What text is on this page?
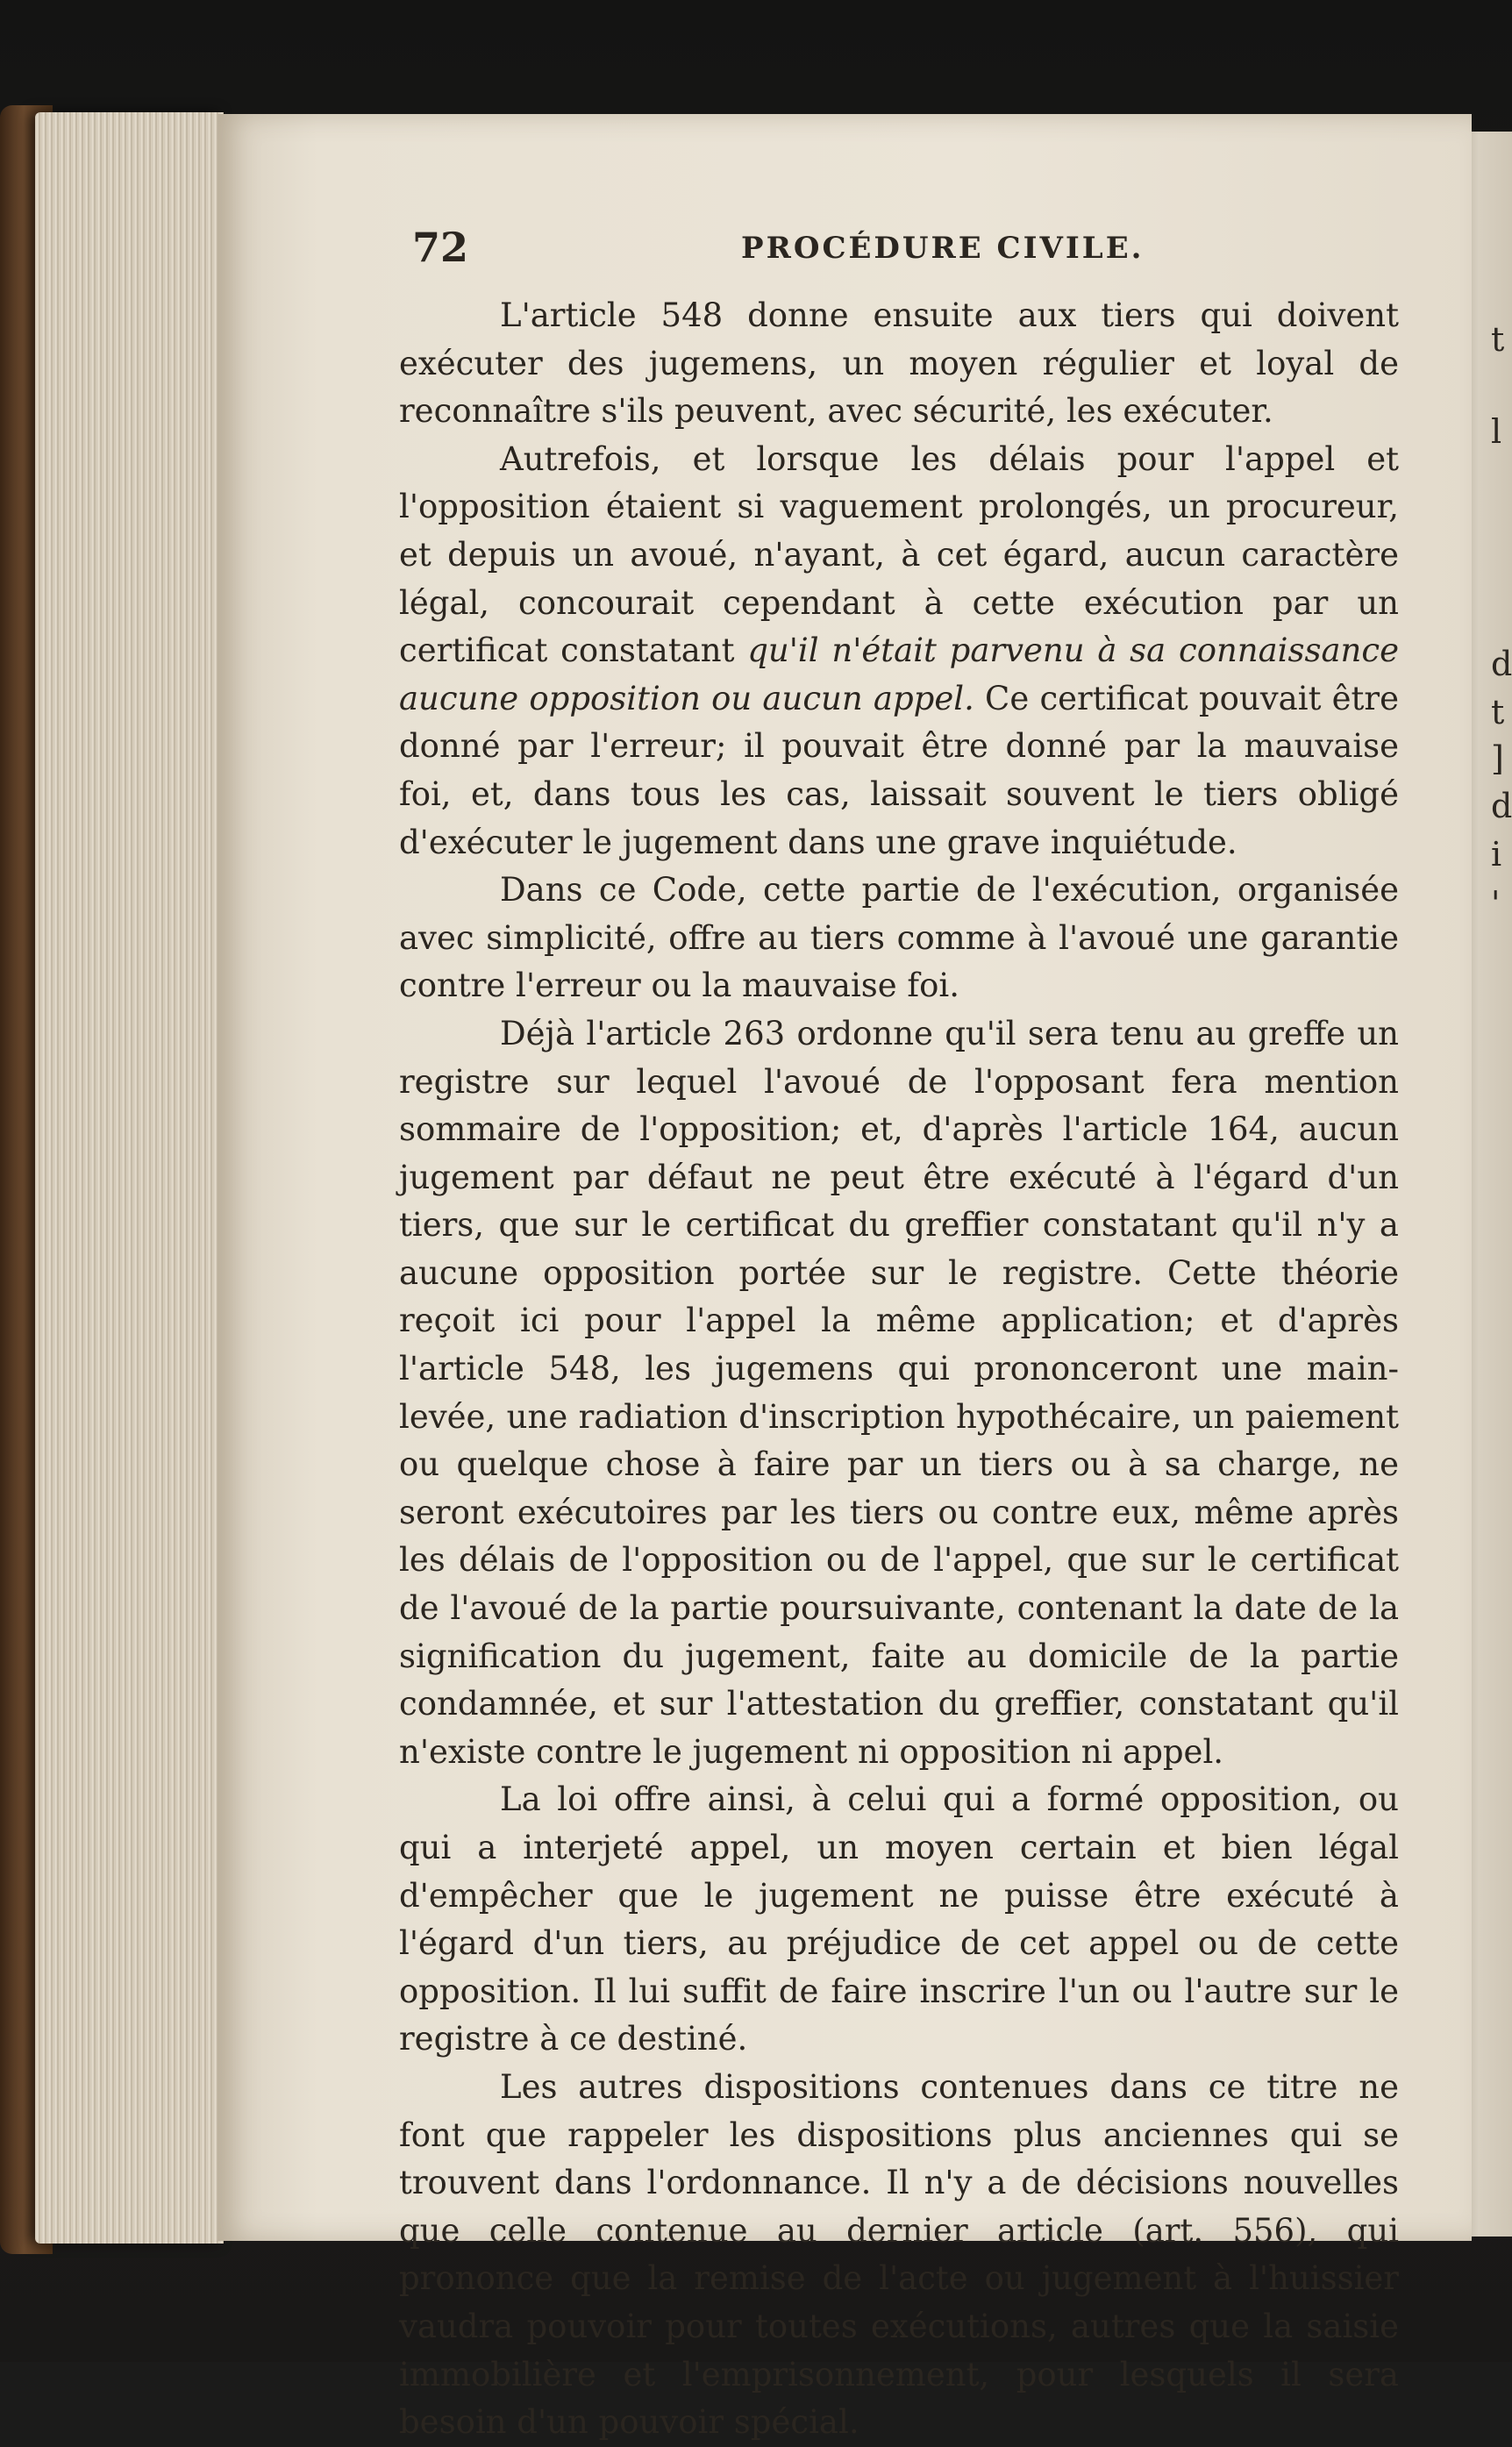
t
l
d
t
]
d
i
'
72	PROCÉDURE CIVILE.

L'article 548 donne ensuite aux tiers qui doivent exécuter des jugemens, un moyen régulier et loyal de reconnaître s'ils peuvent, avec sécurité, les exécuter.

Autrefois, et lorsque les délais pour l'appel et l'opposition étaient si vaguement prolongés, un procureur, et depuis un avoué, n'ayant, à cet égard, aucun caractère légal, concourait cependant à cette exécution par un certificat constatant qu'il n'était parvenu à sa connaissance aucune opposition ou aucun appel. Ce certificat pouvait être donné par l'erreur; il pouvait être donné par la mauvaise foi, et, dans tous les cas, laissait souvent le tiers obligé d'exécuter le jugement dans une grave inquiétude.

Dans ce Code, cette partie de l'exécution, organisée avec simplicité, offre au tiers comme à l'avoué une garantie contre l'erreur ou la mauvaise foi.

Déjà l'article 263 ordonne qu'il sera tenu au greffe un registre sur lequel l'avoué de l'opposant fera mention sommaire de l'opposition; et, d'après l'article 164, aucun jugement par défaut ne peut être exécuté à l'égard d'un tiers, que sur le certificat du greffier constatant qu'il n'y a aucune opposition portée sur le registre. Cette théorie reçoit ici pour l'appel la même application; et d'après l'article 548, les jugemens qui prononceront une main-levée, une radiation d'inscription hypothécaire, un paiement ou quelque chose à faire par un tiers ou à sa charge, ne seront exécutoires par les tiers ou contre eux, même après les délais de l'opposition ou de l'appel, que sur le certificat de l'avoué de la partie poursuivante, contenant la date de la signification du jugement, faite au domicile de la partie condamnée, et sur l'attestation du greffier, constatant qu'il n'existe contre le jugement ni opposition ni appel.

La loi offre ainsi, à celui qui a formé opposition, ou qui a interjeté appel, un moyen certain et bien légal d'empêcher que le jugement ne puisse être exécuté à l'égard d'un tiers, au préjudice de cet appel ou de cette opposition. Il lui suffit de faire inscrire l'un ou l'autre sur le registre à ce destiné.

Les autres dispositions contenues dans ce titre ne font que rappeler les dispositions plus anciennes qui se trouvent dans l'ordonnance. Il n'y a de décisions nouvelles que celle contenue au dernier article (art. 556), qui prononce que la remise de l'acte ou jugement à l'huissier vaudra pouvoir pour toutes exécutions, autres que la saisie immobilière et l'emprisonnement, pour lesquels il sera besoin d'un pouvoir spécial.
